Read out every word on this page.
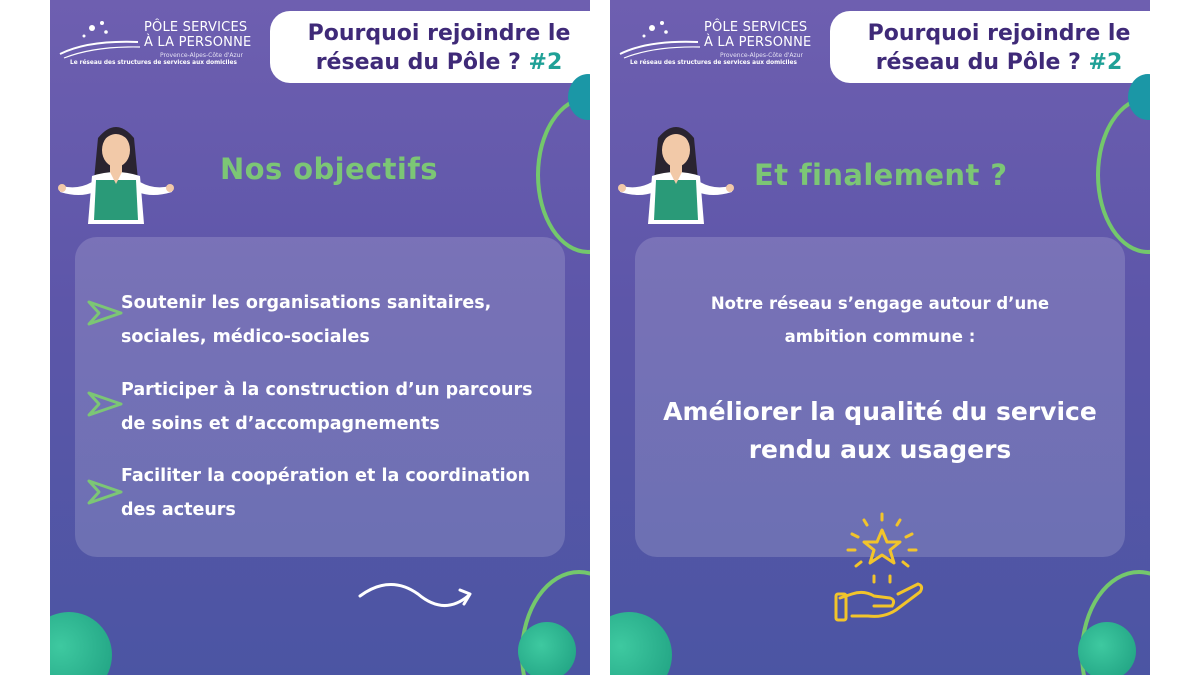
PÔLE SERVICES
À LA PERSONNE
Provence-Alpes-Côte d'Azur
Le réseau des structures de services aux domiciles
Pourquoi rejoindre le
réseau du Pôle ? #2
Nos objectifs
Soutenir les organisations sanitaires,
sociales, médico-sociales
Participer à la construction d’un parcours
de soins et d’accompagnements
Faciliter la coopération et la coordination
des acteurs
PÔLE SERVICES
À LA PERSONNE
Provence-Alpes-Côte d'Azur
Le réseau des structures de services aux domiciles
Pourquoi rejoindre le
réseau du Pôle ? #2
Et finalement ?
Notre réseau s’engage autour d’une
ambition commune :
Améliorer la qualité du service
rendu aux usagers
